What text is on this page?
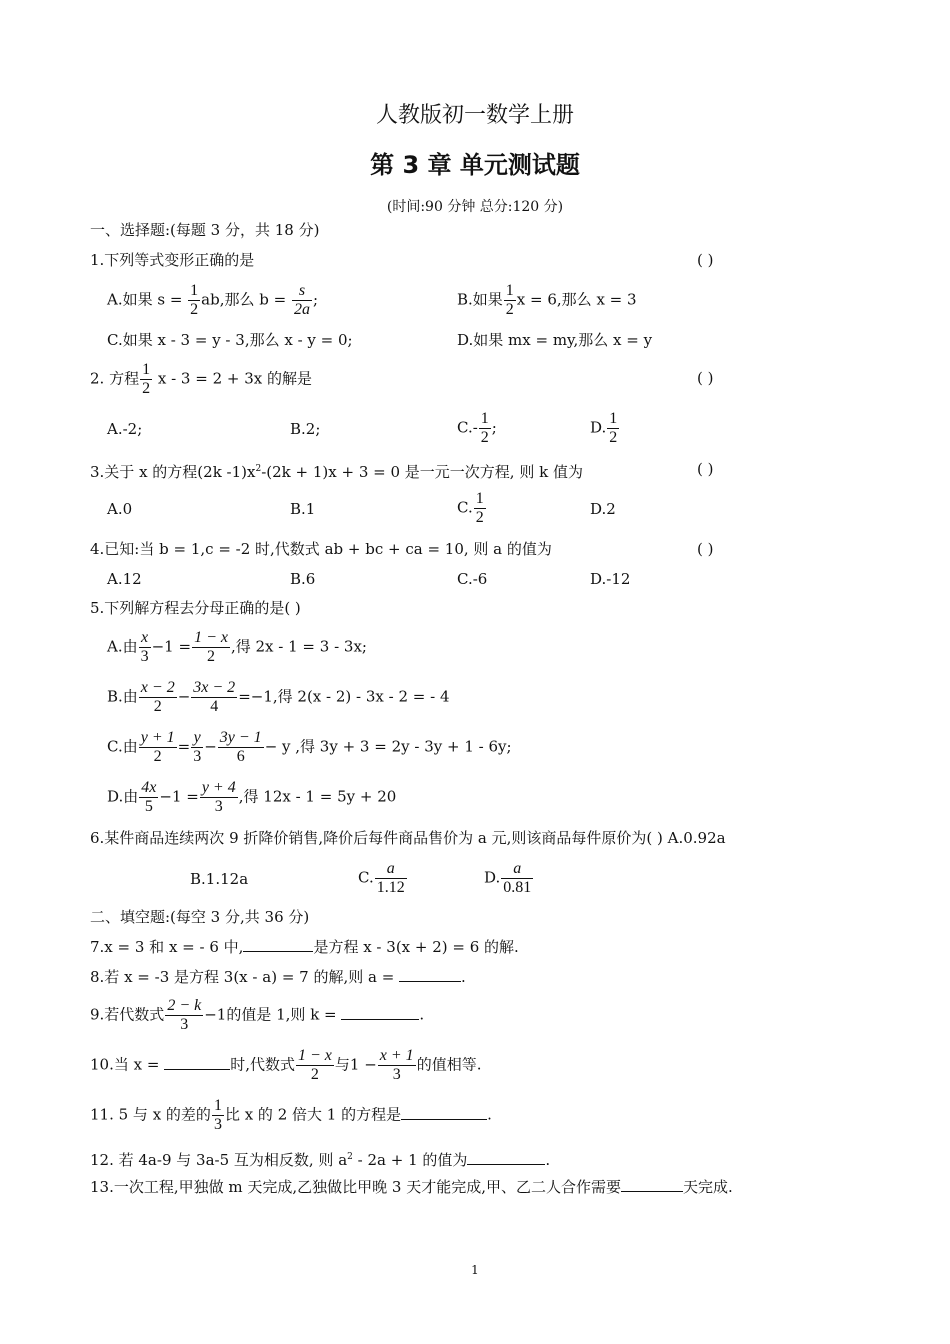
人教版初一数学上册
第 3 章 单元测试题
(时间:90 分钟 总分:120 分)
一、选择题:(每题 3 分，共 18 分)
1.下列等式变形正确的是	( )
A.如果 $s = \frac{1}{2}$ ab,那么 $b = \frac{s}{2a}$ ;	B.如果 $\frac{1}{2}$ x = 6,那么 x = 3
C.如果 x - 3 = y - 3,那么 x - y = 0;	D.如果 mx = my,那么 x = y
2. 方程 $\frac{1}{2}$ x - 3 = 2 + 3x 的解是	( )
A.-2;	B.2;	$C.- \frac{1}{2}$ ;	D. $\frac{1}{2}$
3.关于 x 的方程(2k $-1)x^2-(2k + 1)x + 3 = 0$ 是一元一次方程, 则 k 值为	( )
A.0	B.1	C. $\frac{1}{2}$	D.2
4.已知:当 b = 1,c = -2 时,代数式 ab + bc + ca = 10, 则 a 的值为	( )
A.12	B.6	C.-6	D.-12
5.下列解方程去分母正确的是( )
A.由 $\frac{x}{3} -1 = \frac{1 - x}{2}$ ,得 2x - 1 = 3 - 3x;
B.由 $\frac{x - 2}{2} - \frac{3x - 2}{4} =-1$,得 2(x - 2) - 3x - 2 = - 4
C.由 $\frac{y + 1}{2} = \frac{y}{3} - \frac{3y - 1}{6} - y$ ,得 3y + 3 = 2y - 3y + 1 - 6y;
D.由 $\frac{4x}{5} -1 = \frac{y + 4}{3}$ ,得 12x - 1 = 5y + 20
6.某件商品连续两次 9 折降价销售,降价后每件商品售价为 a 元,则该商品每件原价为( ) A.0.92a
B.1.12a	C. $\frac{a}{1.12}$	D. $\frac{a}{0.81}$
二、填空题:(每空 3 分,共 36 分)
7.x = 3 和 x = - 6 中,	是方程 x - 3(x + 2) = 6 的解.
8.若 x = -3 是方程 3(x - a) = 7 的解,则 a =	.
9.若代数式 $\frac{2 - k}{3} -1$的值是 1,则 k =	.
10.当 x =	时,代数式 $\frac{1 - x}{2}$ 与$1 - \frac{x + 1}{3}$ 的值相等.
11. 5 与 x 的差的 $\frac{1}{3}$ 比 x 的 2 倍大 1 的方程是	.
12. 若 4a-9 与 3a-5 互为相反数, 则 $a^2 - 2a + 1$ 的值为	.
13.一次工程,甲独做 m 天完成,乙独做比甲晚 3 天才能完成,甲、乙二人合作需要	天完成.
1
